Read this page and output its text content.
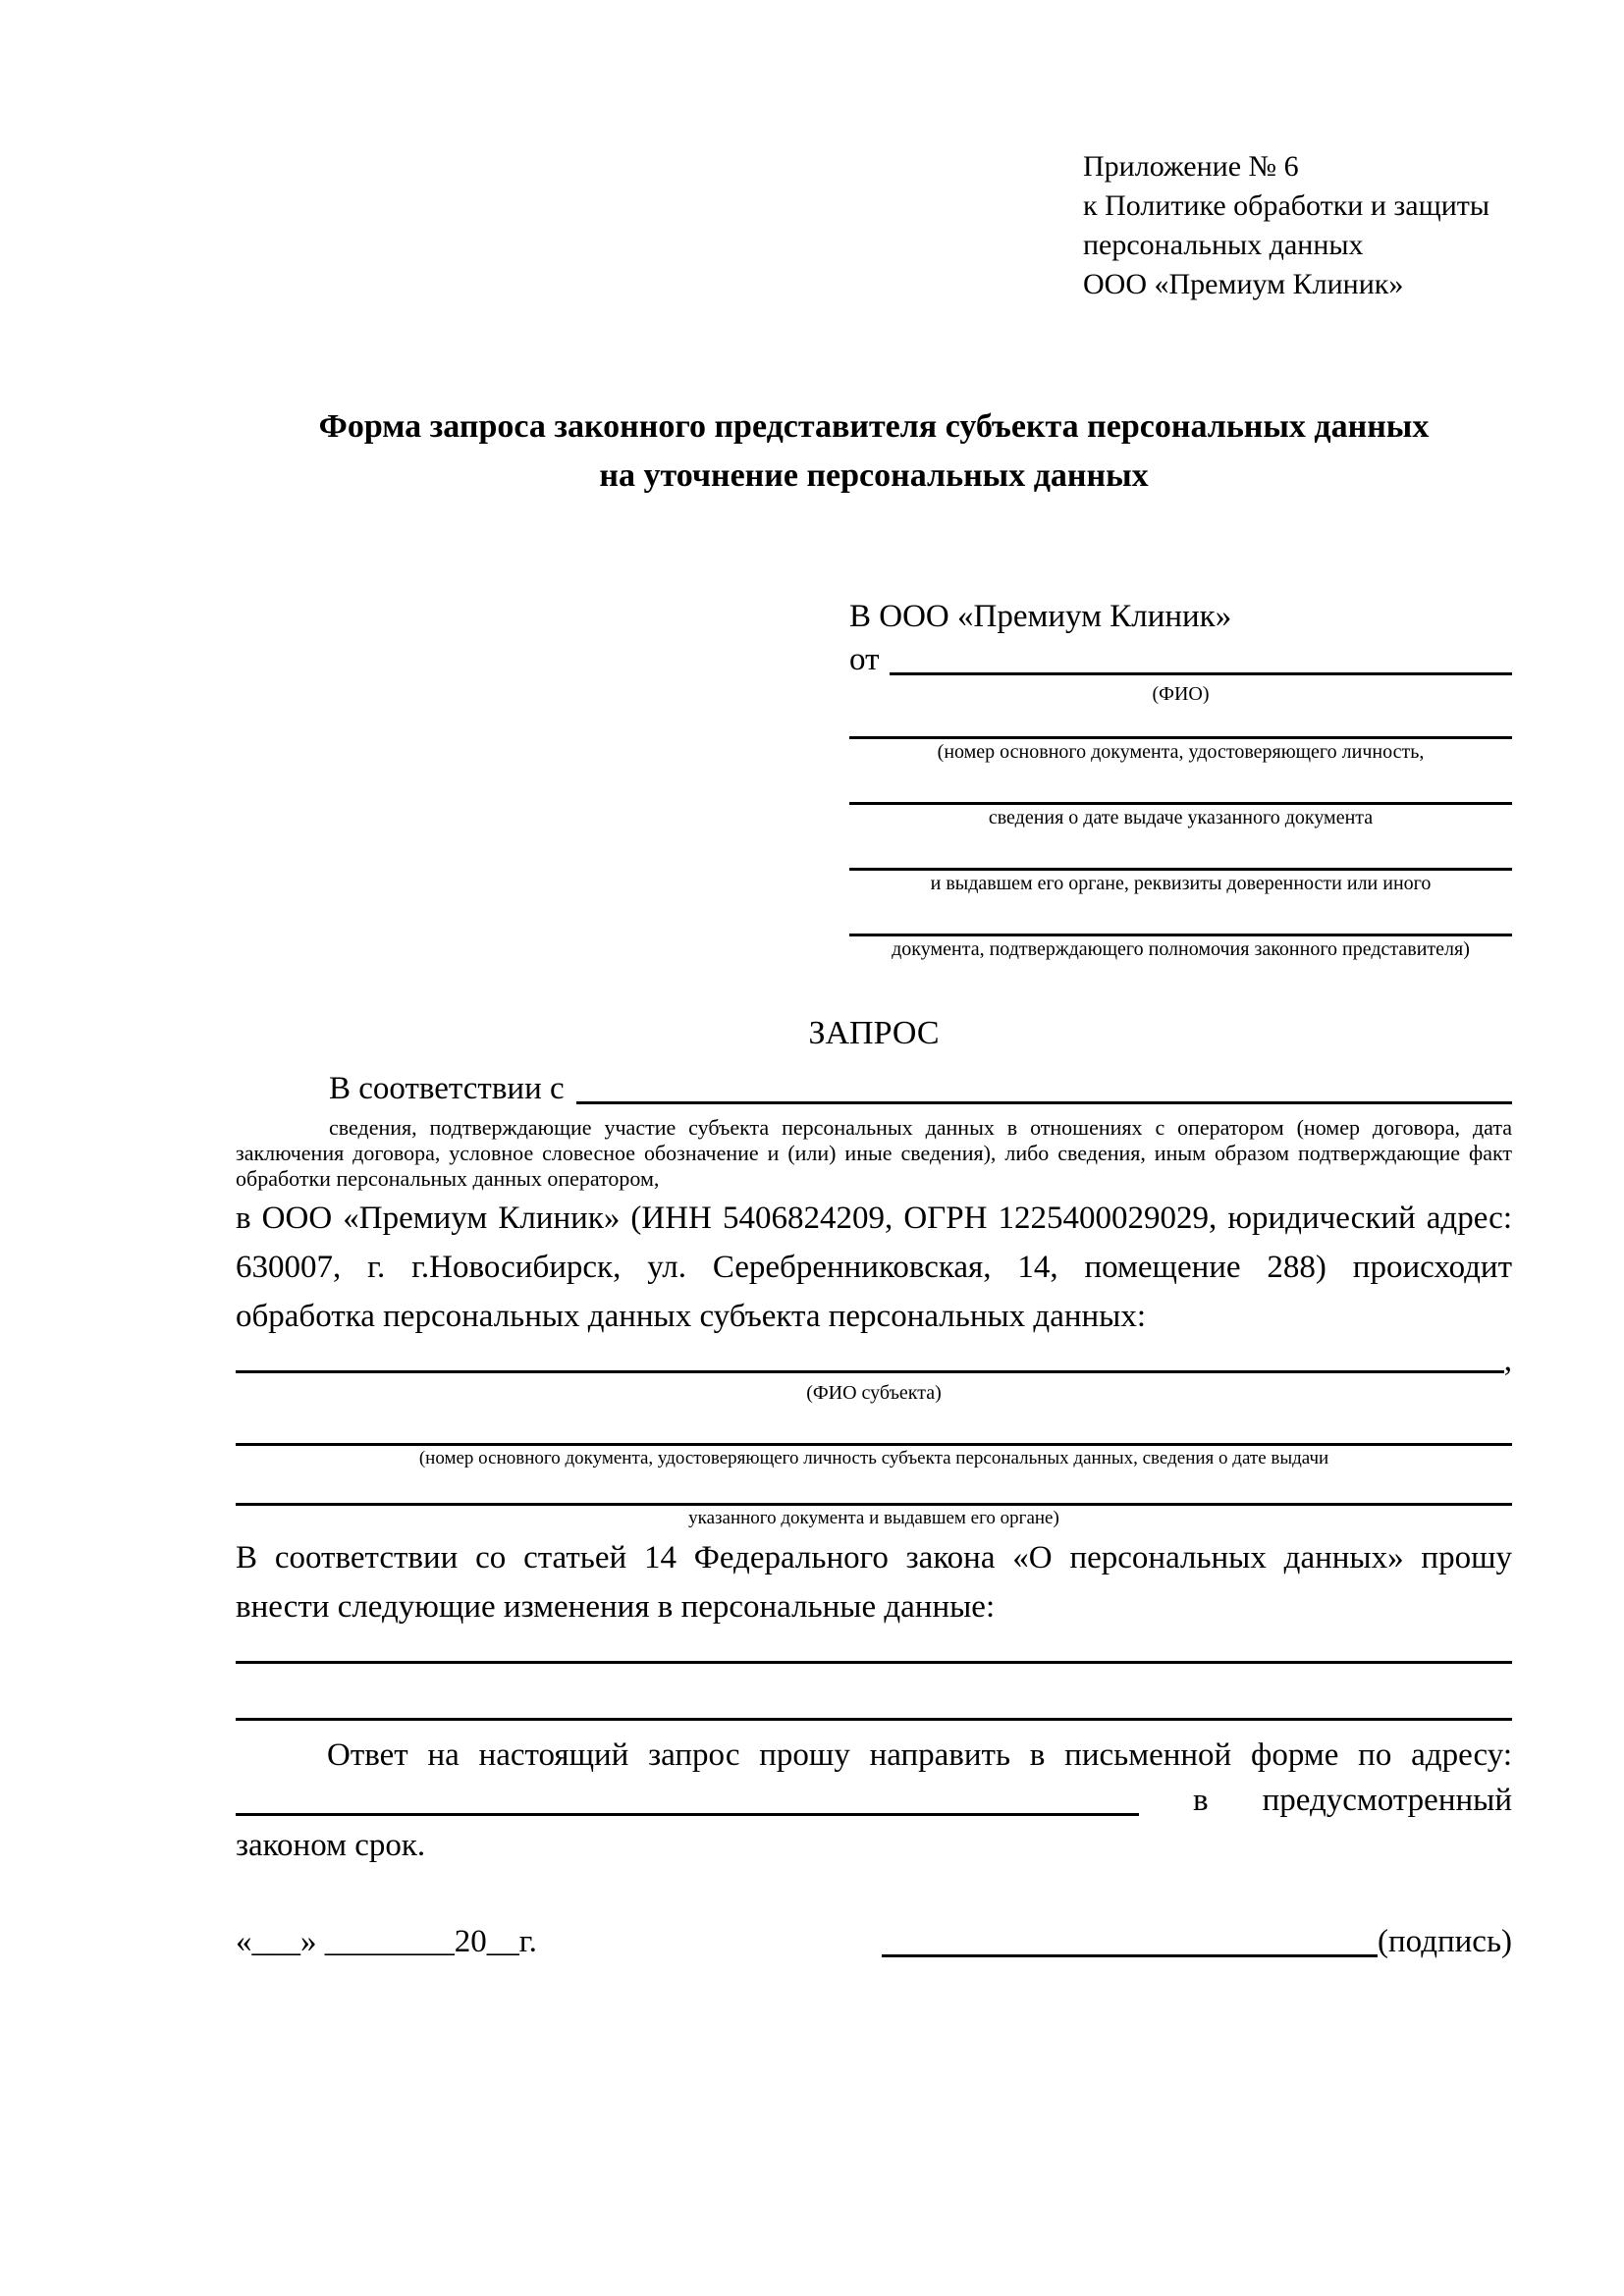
Приложение № 6
к Политике обработки и защиты
персональных данных
ООО «Премиум Клиник»
Форма запроса законного представителя субъекта персональных данных
на уточнение персональных данных
В ООО «Премиум Клиник»
от
(ФИО)
(номер основного документа, удостоверяющего личность,
сведения о дате выдаче указанного документа
и выдавшем его органе, реквизиты доверенности или иного
документа, подтверждающего полномочия законного представителя)
ЗАПРОС
В соответствии с
сведения, подтверждающие участие субъекта персональных данных в отношениях с оператором (номер договора, дата заключения договора, условное словесное обозначение и (или) иные сведения), либо сведения, иным образом подтверждающие факт обработки персональных данных оператором,
в ООО «Премиум Клиник» (ИНН 5406824209, ОГРН 1225400029029, юридический адрес: 630007, г. г.Новосибирск, ул. Серебренниковская, 14, помещение 288) происходит обработка персональных данных субъекта персональных данных:
,
(ФИО субъекта)
(номер основного документа, удостоверяющего личность субъекта персональных данных, сведения о дате выдачи
указанного документа и выдавшем его органе)
В соответствии со статьей 14 Федерального закона «О персональных данных» прошу внести следующие изменения в персональные данные:
Ответ на настоящий запрос прошу направить в письменной форме по адресу:
в предусмотренный
законом срок.
«___» ________20__г.	(подпись)
